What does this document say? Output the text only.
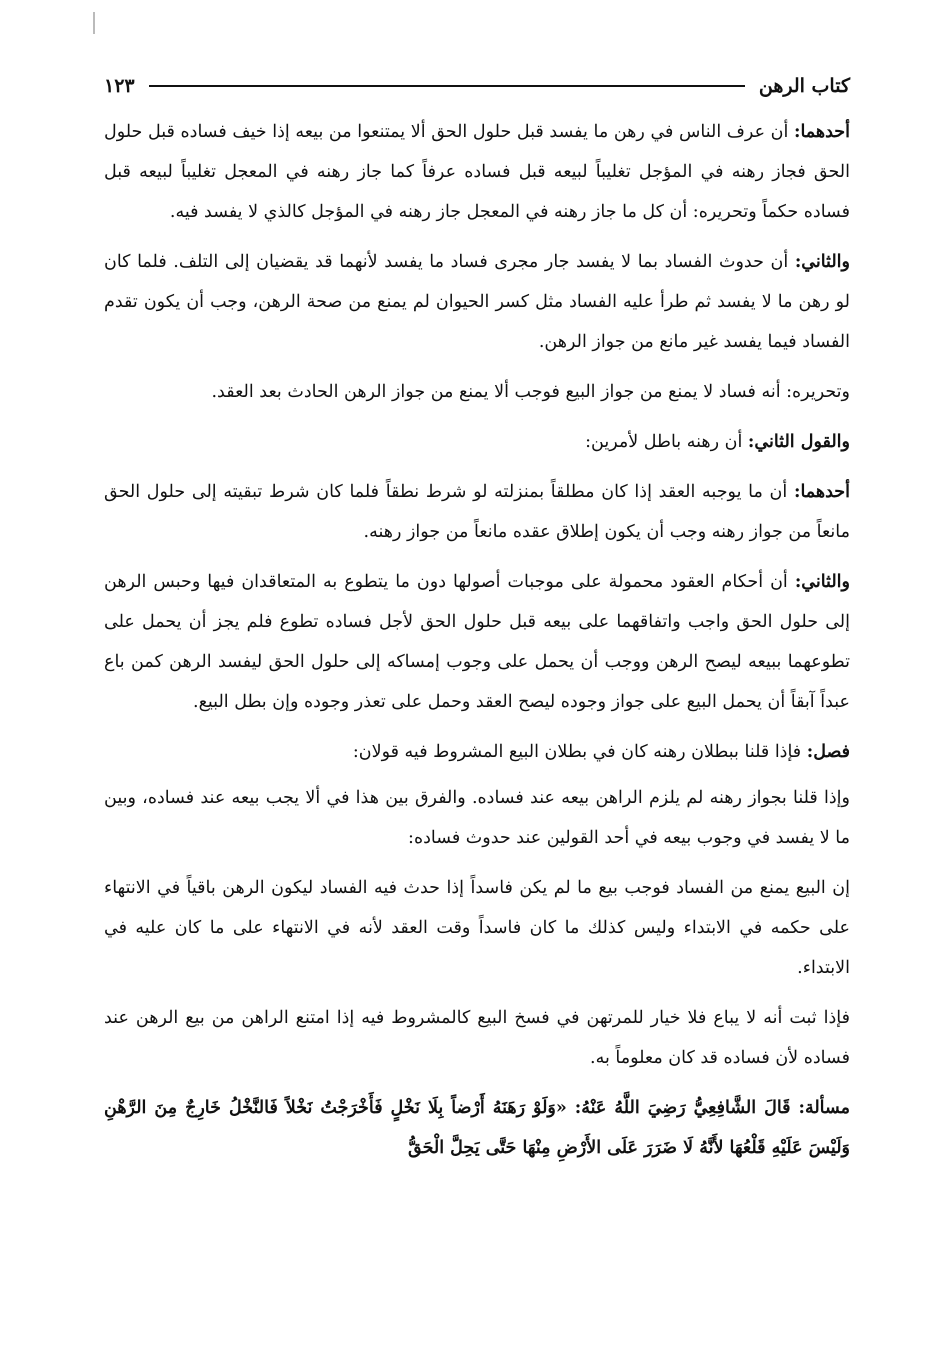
كتاب الرهن
١٢٣

أحدهما: أن عرف الناس في رهن ما يفسد قبل حلول الحق ألا يمتنعوا من بيعه إذا خيف فساده قبل حلول الحق فجاز رهنه في المؤجل تغليباً لبيعه قبل فساده عرفاً كما جاز رهنه في المعجل تغليباً لبيعه قبل فساده حكماً وتحريره: أن كل ما جاز رهنه في المعجل جاز رهنه في المؤجل كالذي لا يفسد فيه.

والثاني: أن حدوث الفساد بما لا يفسد جار مجرى فساد ما يفسد لأنهما قد يقضيان إلى التلف. فلما كان لو رهن ما لا يفسد ثم طرأ عليه الفساد مثل كسر الحيوان لم يمنع من صحة الرهن، وجب أن يكون تقدم الفساد فيما يفسد غير مانع من جواز الرهن.

وتحريره: أنه فساد لا يمنع من جواز البيع فوجب ألا يمنع من جواز الرهن الحادث بعد العقد.

والقول الثاني: أن رهنه باطل لأمرين:

أحدهما: أن ما يوجبه العقد إذا كان مطلقاً بمنزلته لو شرط نطقاً فلما كان شرط تبقيته إلى حلول الحق مانعاً من جواز رهنه وجب أن يكون إطلاق عقده مانعاً من جواز رهنه.

والثاني: أن أحكام العقود محمولة على موجبات أصولها دون ما يتطوع به المتعاقدان فيها وحبس الرهن إلى حلول الحق واجب واتفاقهما على بيعه قبل حلول الحق لأجل فساده تطوع فلم يجز أن يحمل على تطوعهما ببيعه ليصح الرهن ووجب أن يحمل على وجوب إمساكه إلى حلول الحق ليفسد الرهن كمن باع عبداً آبقاً أن يحمل البيع على جواز وجوده ليصح العقد وحمل على تعذر وجوده وإن بطل البيع.

فصل: فإذا قلنا ببطلان رهنه كان في بطلان البيع المشروط فيه قولان:

وإذا قلنا بجواز رهنه لم يلزم الراهن بيعه عند فساده. والفرق بين هذا في ألا يجب بيعه عند فساده، وبين ما لا يفسد في وجوب بيعه في أحد القولين عند حدوث فساده:

إن البيع يمنع من الفساد فوجب بيع ما لم يكن فاسداً إذا حدث فيه الفساد ليكون الرهن باقياً في الانتهاء على حكمه في الابتداء وليس كذلك ما كان فاسداً وقت العقد لأنه في الانتهاء على ما كان عليه في الابتداء.

فإذا ثبت أنه لا يباع فلا خيار للمرتهن في فسخ البيع كالمشروط فيه إذا امتنع الراهن من بيع الرهن عند فساده لأن فساده قد كان معلوماً به.

مسألة: قَالَ الشَّافِعِيُّ رَضِيَ اللَّهُ عَنْهُ: «وَلَوْ رَهَنَهُ أَرْضاً بِلَا نَخْلٍ فَأَخْرَجْتُ نَخْلاً فَالنَّخْلُ خَارِجٌ مِنَ الرَّهْنِ وَلَيْسَ عَلَيْهِ قَلْعُهَا لأَنَّهُ لَا ضَرَرَ عَلَى الأَرْضِ مِنْهَا حَتَّى يَحِلَّ الْحَقُّ
